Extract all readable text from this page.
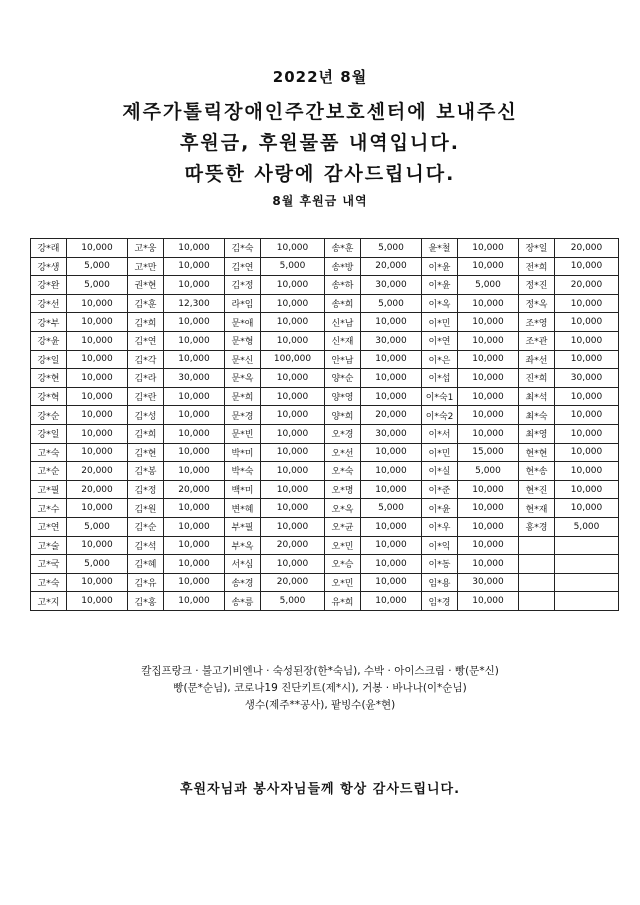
2022년 8월
제주가톨릭장애인주간보호센터에 보내주신
후원금, 후원물품 내역입니다.
따뜻한 사랑에 감사드립니다.
8월 후원금 내역
강*래	10,000	고*웅	10,000	김*숙	10,000	송*훈	5,000	윤*철	10,000	장*일	20,000
강*생	5,000	고*만	10,000	김*연	5,000	송*방	20,000	이*윤	10,000	전*희	10,000
강*완	5,000	권*현	10,000	김*정	10,000	송*하	30,000	이*윤	5,000	정*진	20,000
강*선	10,000	김*훈	12,300	라*임	10,000	송*희	5,000	이*옥	10,000	정*옥	10,000
강*부	10,000	김*희	10,000	문*애	10,000	신*남	10,000	이*민	10,000	조*영	10,000
강*윤	10,000	김*연	10,000	문*형	10,000	신*재	30,000	이*연	10,000	조*관	10,000
강*일	10,000	김*각	10,000	문*신	100,000	안*남	10,000	이*은	10,000	좌*선	10,000
강*현	10,000	김*라	30,000	문*옥	10,000	양*순	10,000	이*섭	10,000	진*희	30,000
강*혁	10,000	김*란	10,000	문*희	10,000	양*영	10,000	이*숙1	10,000	최*석	10,000
강*순	10,000	김*성	10,000	문*경	10,000	양*희	20,000	이*숙2	10,000	최*숙	10,000
강*일	10,000	김*희	10,000	문*빈	10,000	오*경	30,000	이*서	10,000	최*영	10,000
고*숙	10,000	김*현	10,000	박*미	10,000	오*선	10,000	이*민	15,000	현*현	10,000
고*순	20,000	김*봉	10,000	박*숙	10,000	오*숙	10,000	이*실	5,000	현*송	10,000
고*필	20,000	김*정	20,000	백*미	10,000	오*명	10,000	이*준	10,000	현*진	10,000
고*수	10,000	김*원	10,000	변*혜	10,000	오*옥	5,000	이*윤	10,000	현*재	10,000
고*연	5,000	김*순	10,000	부*필	10,000	오*균	10,000	이*우	10,000	홍*경	5,000
고*술	10,000	김*석	10,000	부*옥	20,000	오*민	10,000	이*익	10,000		
고*국	5,000	김*혜	10,000	서*심	10,000	오*승	10,000	이*동	10,000		
고*숙	10,000	김*유	10,000	송*경	20,000	오*민	10,000	임*용	30,000		
고*지	10,000	김*홍	10,000	송*릉	5,000	유*희	10,000	임*경	10,000		
칼집프랑크 · 불고기비엔나 · 숙성된장(한*숙님), 수박 · 아이스크림 · 빵(문*신)
빵(문*순님), 코로나19 진단키트(제*시), 거봉 · 바나나(이*순님)
생수(제주**공사), 팥빙수(윤*현)
후원자님과 봉사자님들께 항상 감사드립니다.
